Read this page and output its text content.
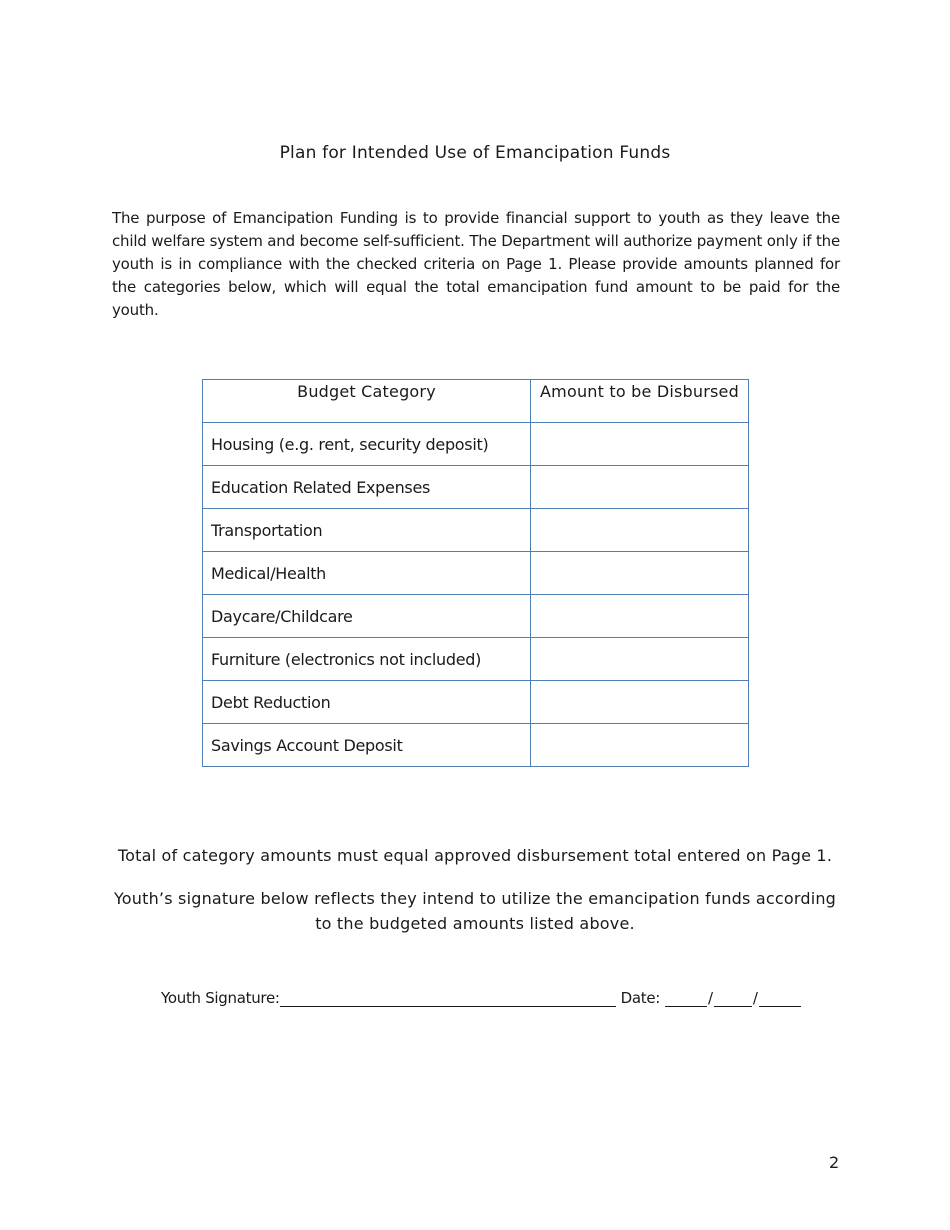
Plan for Intended Use of Emancipation Funds

The purpose of Emancipation Funding is to provide financial support to youth as they leave the child welfare system and become self-sufficient. The Department will authorize payment only if the youth is in compliance with the checked criteria on Page 1. Please provide amounts planned for the categories below, which will equal the total emancipation fund amount to be paid for the youth.

Budget Category	Amount to be Disbursed
Housing (e.g. rent, security deposit)	
Education Related Expenses	
Transportation	
Medical/Health	
Daycare/Childcare	
Furniture (electronics not included)	
Debt Reduction	
Savings Account Deposit	
Total of category amounts must equal approved disbursement total entered on Page 1.
Youth’s signature below reflects they intend to utilize the emancipation funds according to the budgeted amounts listed above.
Youth Signature:	Date:	/	/
2
